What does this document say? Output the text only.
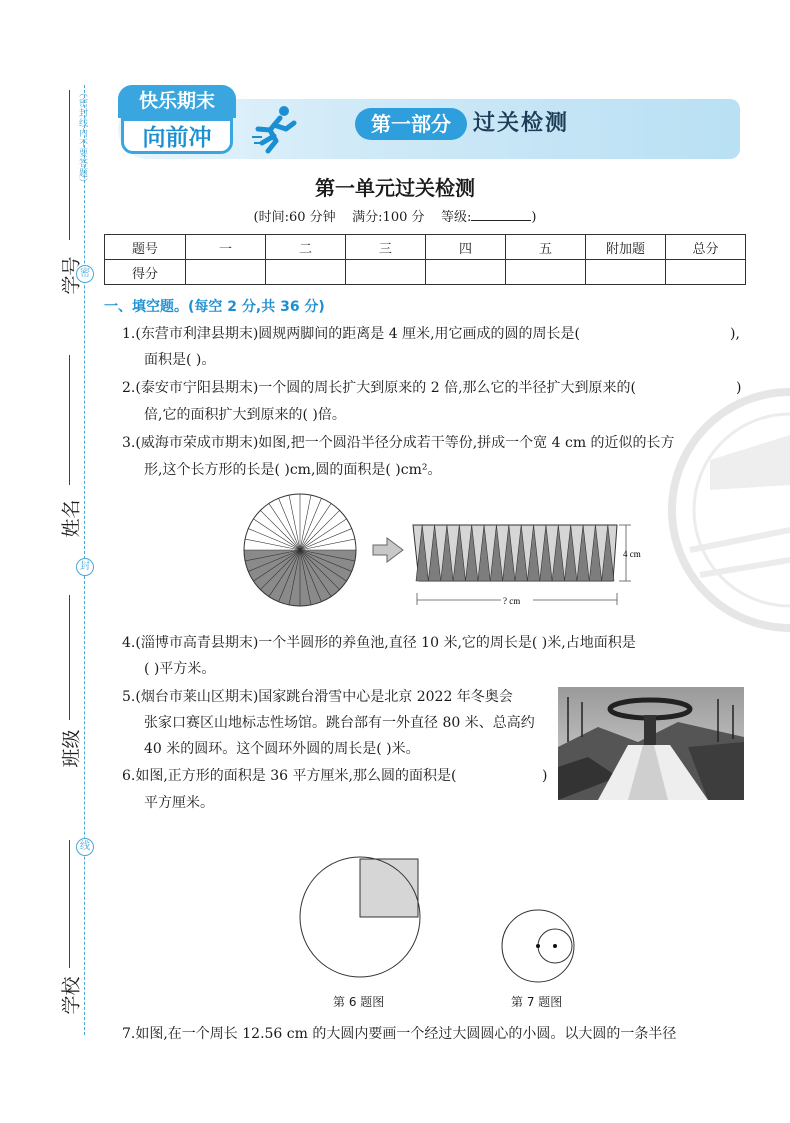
（密封线内不要答题）
密
封
线
学号
姓名
班级
学校
快乐期末
向前冲
第一部分	过关检测
第一单元过关检测
(时间:60 分钟 满分:100 分 等级:	)
题号	一	二	三	四	五	附加题	总分
得分							
一、填空题。(每空 2 分,共 36 分)
1.(东营市利津县期末)圆规两脚间的距离是 4 厘米,用它画成的圆的周长是(	),
面积是( )。
2.(泰安市宁阳县期末)一个圆的周长扩大到原来的 2 倍,那么它的半径扩大到原来的(	)
倍,它的面积扩大到原来的( )倍。
3.(威海市荣成市期末)如图,把一个圆沿半径分成若干等份,拼成一个宽 4 cm 的近似的长方
形,这个长方形的长是( )cm,圆的面积是( )cm²。
4 cm
? cm
4.(淄博市高青县期末)一个半圆形的养鱼池,直径 10 米,它的周长是( )米,占地面积是
( )平方米。
5.(烟台市莱山区期末)国家跳台滑雪中心是北京 2022 年冬奥会
张家口赛区山地标志性场馆。跳台部有一外直径 80 米、总高约
40 米的圆环。这个圆环外圆的周长是( )米。
6.如图,正方形的面积是 36 平方厘米,那么圆的面积是(	)
平方厘米。
第 6 题图	第 7 题图
7.如图,在一个周长 12.56 cm 的大圆内要画一个经过大圆圆心的小圆。以大圆的一条半径
